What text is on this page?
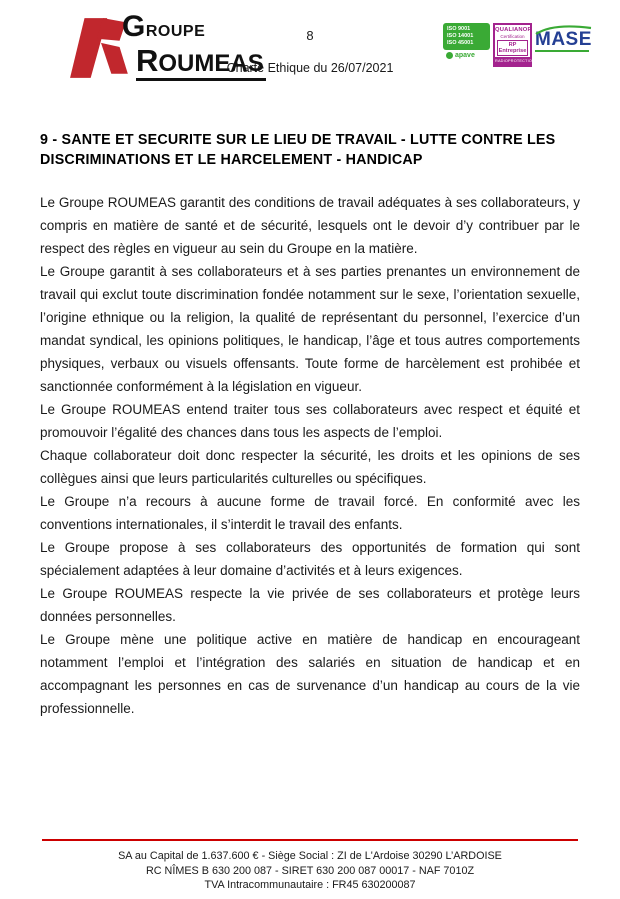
GROUPE
ROUMEAS
8
Charte Ethique du 26/07/2021
ISO 9001
ISO 14001
ISO 45001
apave
QUALIANOR
Certification
RP Entreprise
RADIOPROTECTION
MASE
9 - SANTE ET SECURITE SUR LE LIEU DE TRAVAIL - LUTTE CONTRE LES DISCRIMINATIONS ET LE HARCELEMENT - HANDICAP

Le Groupe ROUMEAS garantit des conditions de travail adéquates à ses collaborateurs, y compris en matière de santé et de sécurité, lesquels ont le devoir d’y contribuer par le respect des règles en vigueur au sein du Groupe en la matière.

Le Groupe garantit à ses collaborateurs et à ses parties prenantes un environnement de travail qui exclut toute discrimination fondée notamment sur le sexe, l’orientation sexuelle, l’origine ethnique ou la religion, la qualité de représentant du personnel, l’exercice d’un mandat syndical, les opinions politiques, le handicap, l’âge et tous autres comportements physiques, verbaux ou visuels offensants. Toute forme de harcèlement est prohibée et sanctionnée conformément à la législation en vigueur.

Le Groupe ROUMEAS entend traiter tous ses collaborateurs avec respect et équité et promouvoir l’égalité des chances dans tous les aspects de l’emploi.

Chaque collaborateur doit donc respecter la sécurité, les droits et les opinions de ses collègues ainsi que leurs particularités culturelles ou spécifiques.

Le Groupe n’a recours à aucune forme de travail forcé. En conformité avec les conventions internationales, il s’interdit le travail des enfants.

Le Groupe propose à ses collaborateurs des opportunités de formation qui sont spécialement adaptées à leur domaine d’activités et à leurs exigences.

Le Groupe ROUMEAS respecte la vie privée de ses collaborateurs et protège leurs données personnelles.

Le Groupe mène une politique active en matière de handicap en encourageant notamment l’emploi et l’intégration des salariés en situation de handicap et en accompagnant les personnes en cas de survenance d’un handicap au cours de la vie professionnelle.

SA au Capital de 1.637.600 € - Siège Social : ZI de L'Ardoise 30290 L’ARDOISE
RC NÎMES B 630 200 087 - SIRET 630 200 087 00017 - NAF 7010Z
TVA Intracommunautaire : FR45 630200087
